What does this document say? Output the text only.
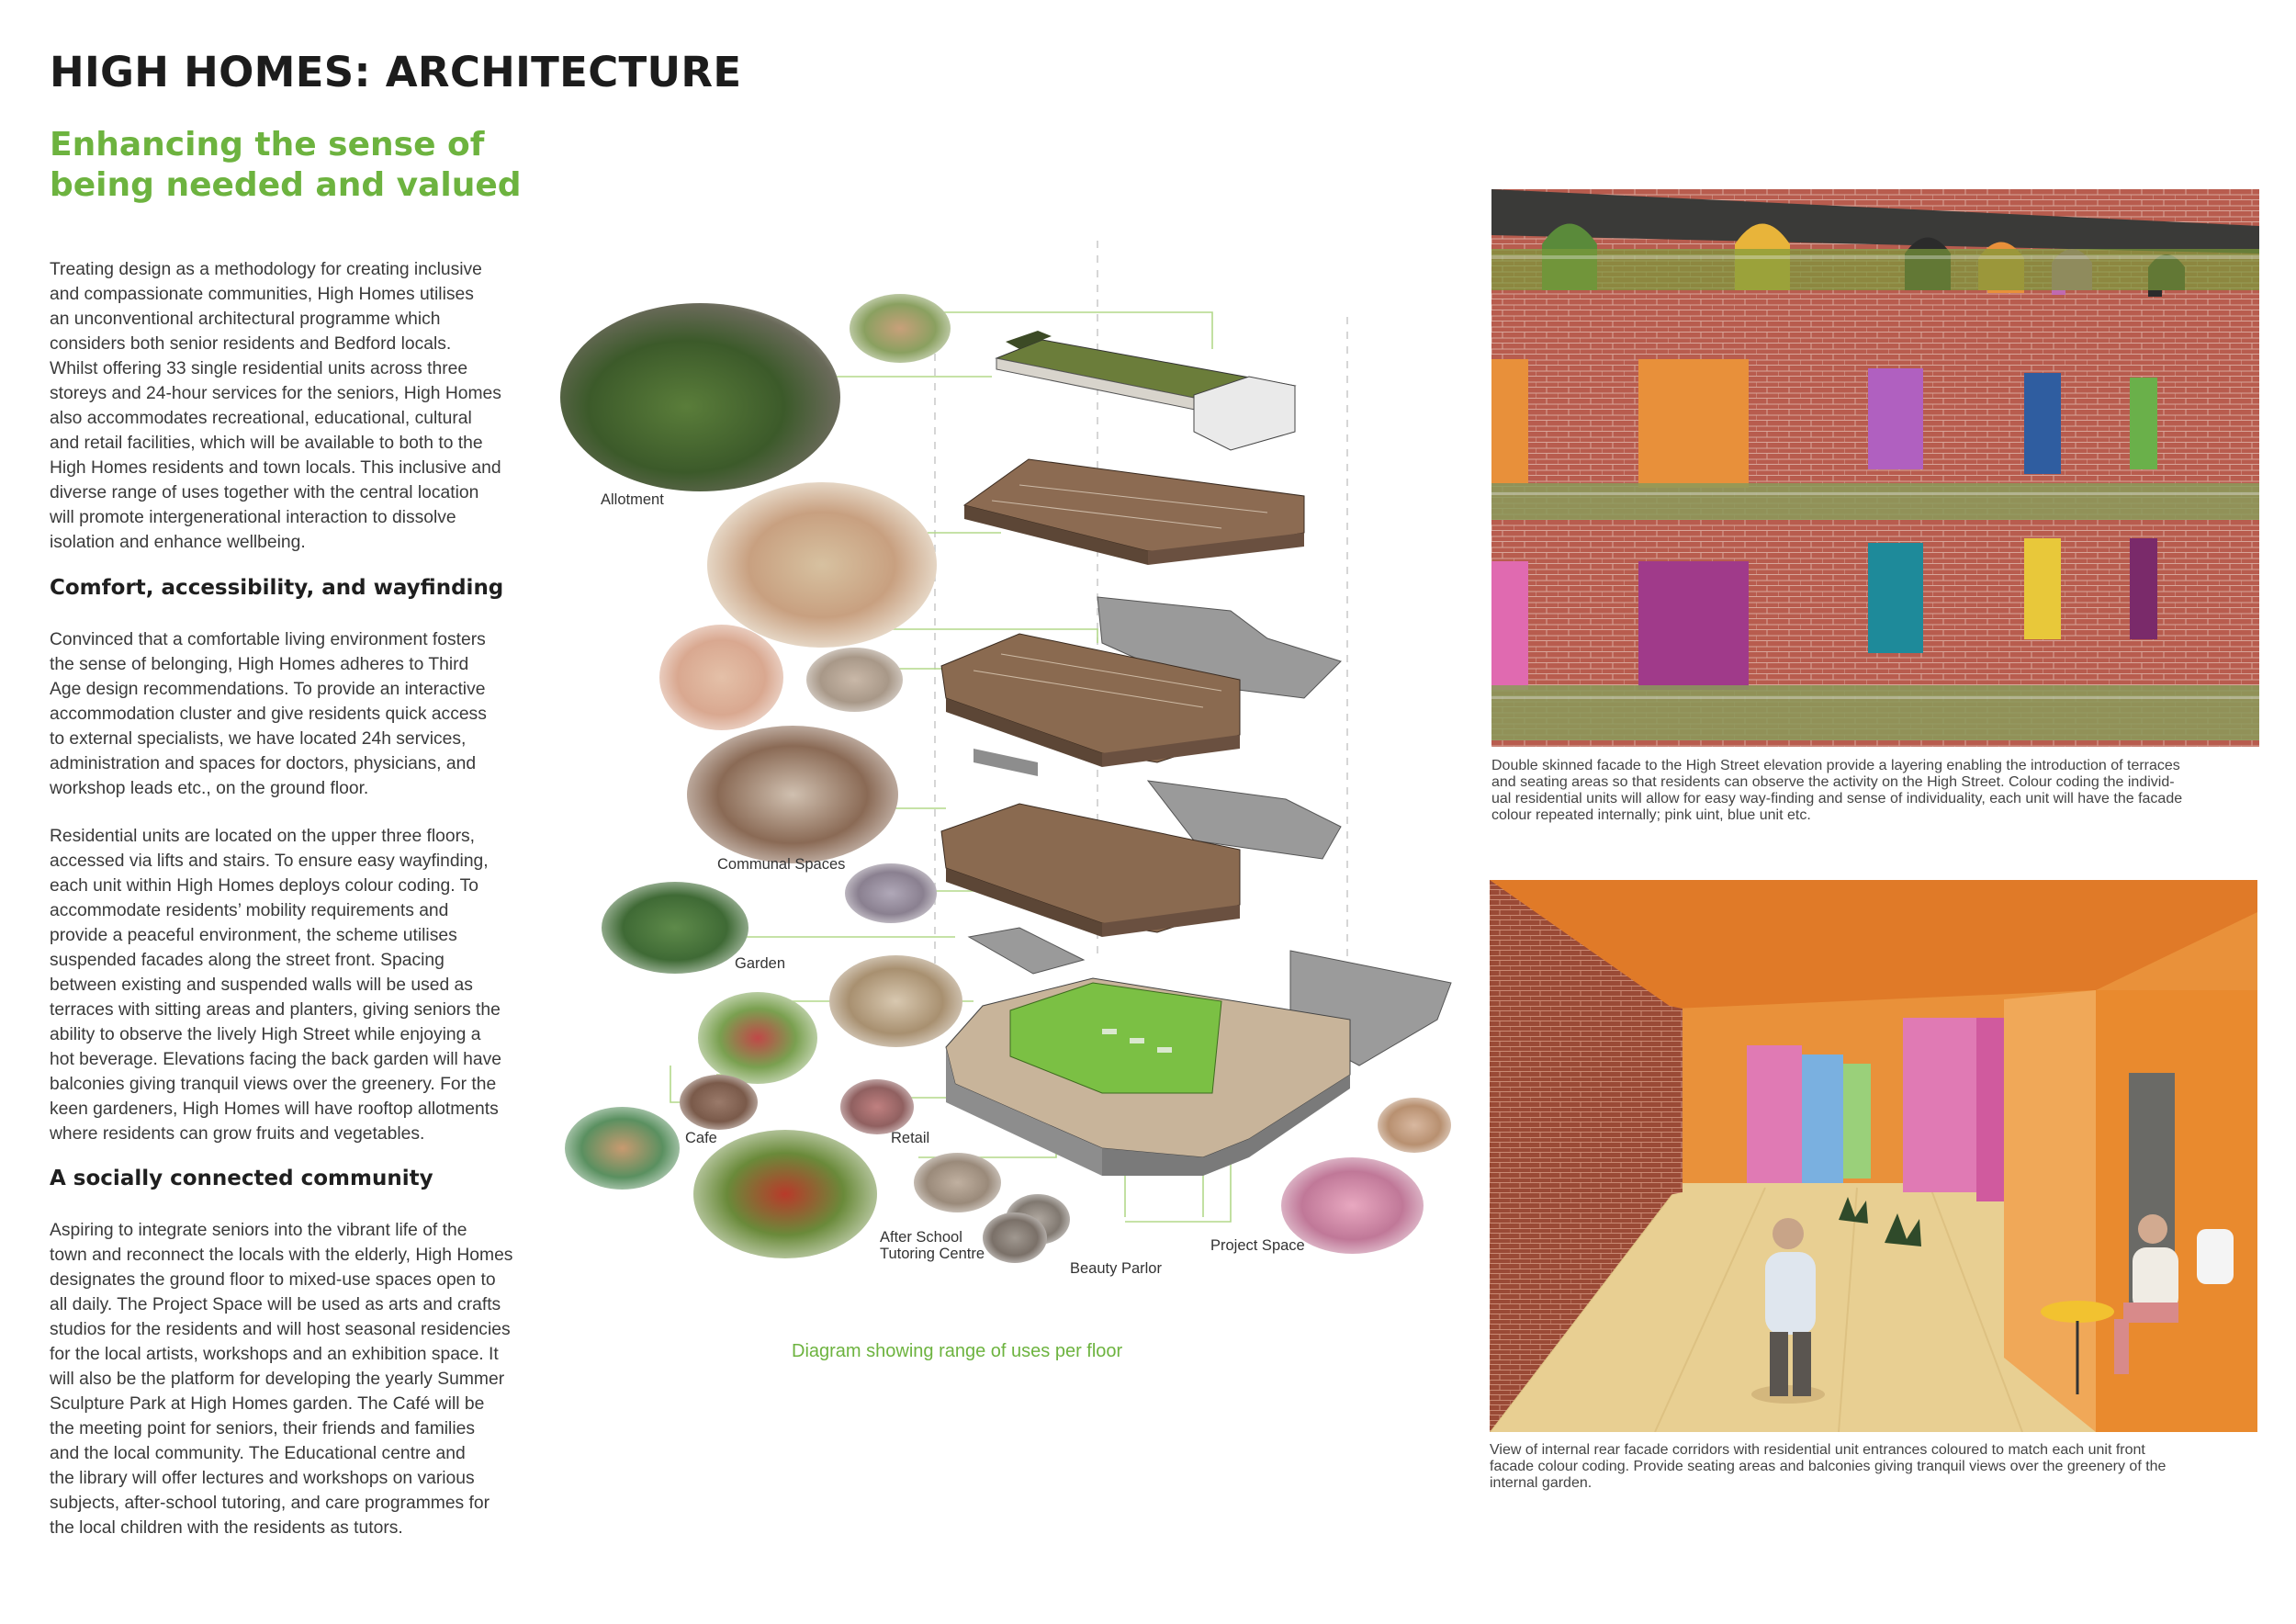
HIGH HOMES: ARCHITECTURE
Enhancing the sense of
being needed and valued

Treating design as a methodology for creating inclusive
and compassionate communities, High Homes utilises
an unconventional architectural programme which
considers both senior residents and Bedford locals.
Whilst offering 33 single residential units across three
storeys and 24-hour services for the seniors, High Homes
also accommodates recreational, educational, cultural
and retail facilities, which will be available to both to the
High Homes residents and town locals. This inclusive and
diverse range of uses together with the central location
will promote intergenerational interaction to dissolve
isolation and enhance wellbeing.

Comfort, accessibility, and wayfinding

Convinced that a comfortable living environment fosters
the sense of belonging, High Homes adheres to Third
Age design recommendations. To provide an interactive
accommodation cluster and give residents quick access
to external specialists, we have located 24h services,
administration and spaces for doctors, physicians, and
workshop leads etc., on the ground floor.

Residential units are located on the upper three floors,
accessed via lifts and stairs. To ensure easy wayfinding,
each unit within High Homes deploys colour coding. To
accommodate residents’ mobility requirements and
provide a peaceful environment, the scheme utilises
suspended facades along the street front. Spacing
between existing and suspended walls will be used as
terraces with sitting areas and planters, giving seniors the
ability to observe the lively High Street while enjoying a
hot beverage. Elevations facing the back garden will have
balconies giving tranquil views over the greenery. For the
keen gardeners, High Homes will have rooftop allotments
where residents can grow fruits and vegetables.

A socially connected community

Aspiring to integrate seniors into the vibrant life of the
town and reconnect the locals with the elderly, High Homes
designates the ground floor to mixed-use spaces open to
all daily. The Project Space will be used as arts and crafts
studios for the residents and will host seasonal residencies
for the local artists, workshops and an exhibition space. It
will also be the platform for developing the yearly Summer
Sculpture Park at High Homes garden. The Café will be
the meeting point for seniors, their friends and families
and the local community. The Educational centre and
the library will offer lectures and workshops on various
subjects, after-school tutoring, and care programmes for
the local children with the residents as tutors.

Allotment
Communal Spaces
Garden
Cafe	Retail
After School
Tutoring Centre
Beauty Parlor
Project Space
Diagram showing range of uses per floor

Double skinned facade to the High Street elevation provide a layering enabling the introduction of terraces
and seating areas so that residents can observe the activity on the High Street. Colour coding the individ-
ual residential units will allow for easy way-finding and sense of individuality, each unit will have the facade
colour repeated internally; pink uint, blue unit etc.

View of internal rear facade corridors with residential unit entrances coloured to match each unit front
facade colour coding. Provide seating areas and balconies giving tranquil views over the greenery of the
internal garden.
